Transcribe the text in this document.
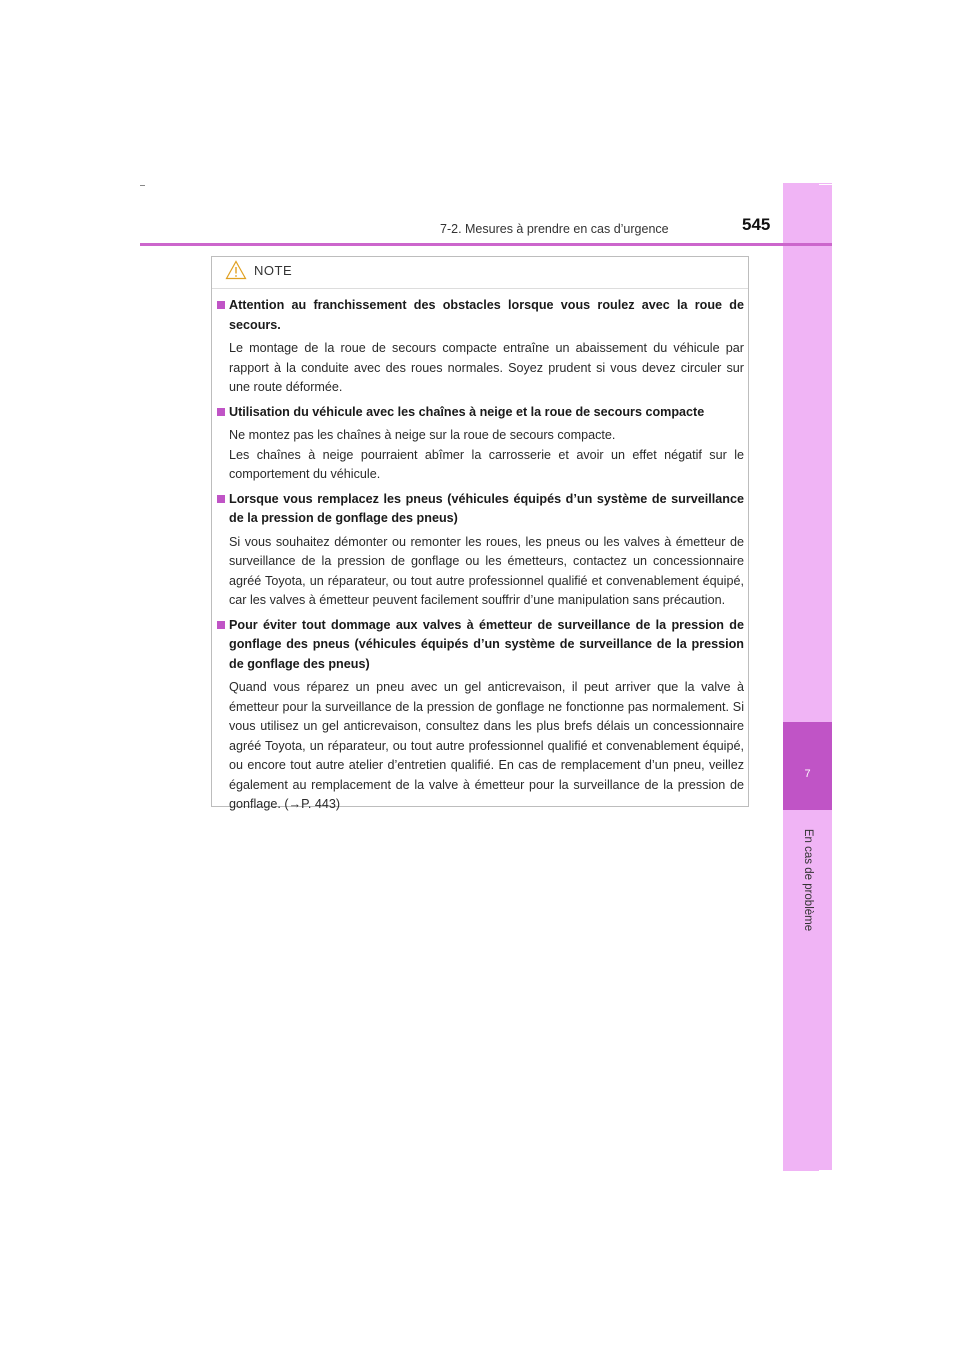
7
En cas de problème
7-2. Mesures à prendre en cas d’urgence	545
NOTE
Attention au franchissement des obstacles lorsque vous roulez avec la roue de secours.

Le montage de la roue de secours compacte entraîne un abaissement du véhicule par rapport à la conduite avec des roues normales. Soyez prudent si vous devez circuler sur une route déformée.

Utilisation du véhicule avec les chaînes à neige et la roue de secours compacte

Ne montez pas les chaînes à neige sur la roue de secours compacte.

Les chaînes à neige pourraient abîmer la carrosserie et avoir un effet négatif sur le comportement du véhicule.

Lorsque vous remplacez les pneus (véhicules équipés d’un système de surveillance de la pression de gonflage des pneus)

Si vous souhaitez démonter ou remonter les roues, les pneus ou les valves à émetteur de surveillance de la pression de gonflage ou les émetteurs, contactez un concessionnaire agréé Toyota, un réparateur, ou tout autre professionnel qualifié et convenablement équipé, car les valves à émetteur peuvent facilement souffrir d’une manipulation sans précaution.

Pour éviter tout dommage aux valves à émetteur de surveillance de la pression de gonflage des pneus (véhicules équipés d’un système de surveillance de la pression de gonflage des pneus)

Quand vous réparez un pneu avec un gel anticrevaison, il peut arriver que la valve à émetteur pour la surveillance de la pression de gonflage ne fonctionne pas normalement. Si vous utilisez un gel anticrevaison, consultez dans les plus brefs délais un concessionnaire agréé Toyota, un réparateur, ou tout autre professionnel qualifié et convenablement équipé, ou encore tout autre atelier d’entretien qualifié. En cas de remplacement d’un pneu, veillez également au remplacement de la valve à émetteur pour la surveillance de la pression de gonflage. (→P. 443)
